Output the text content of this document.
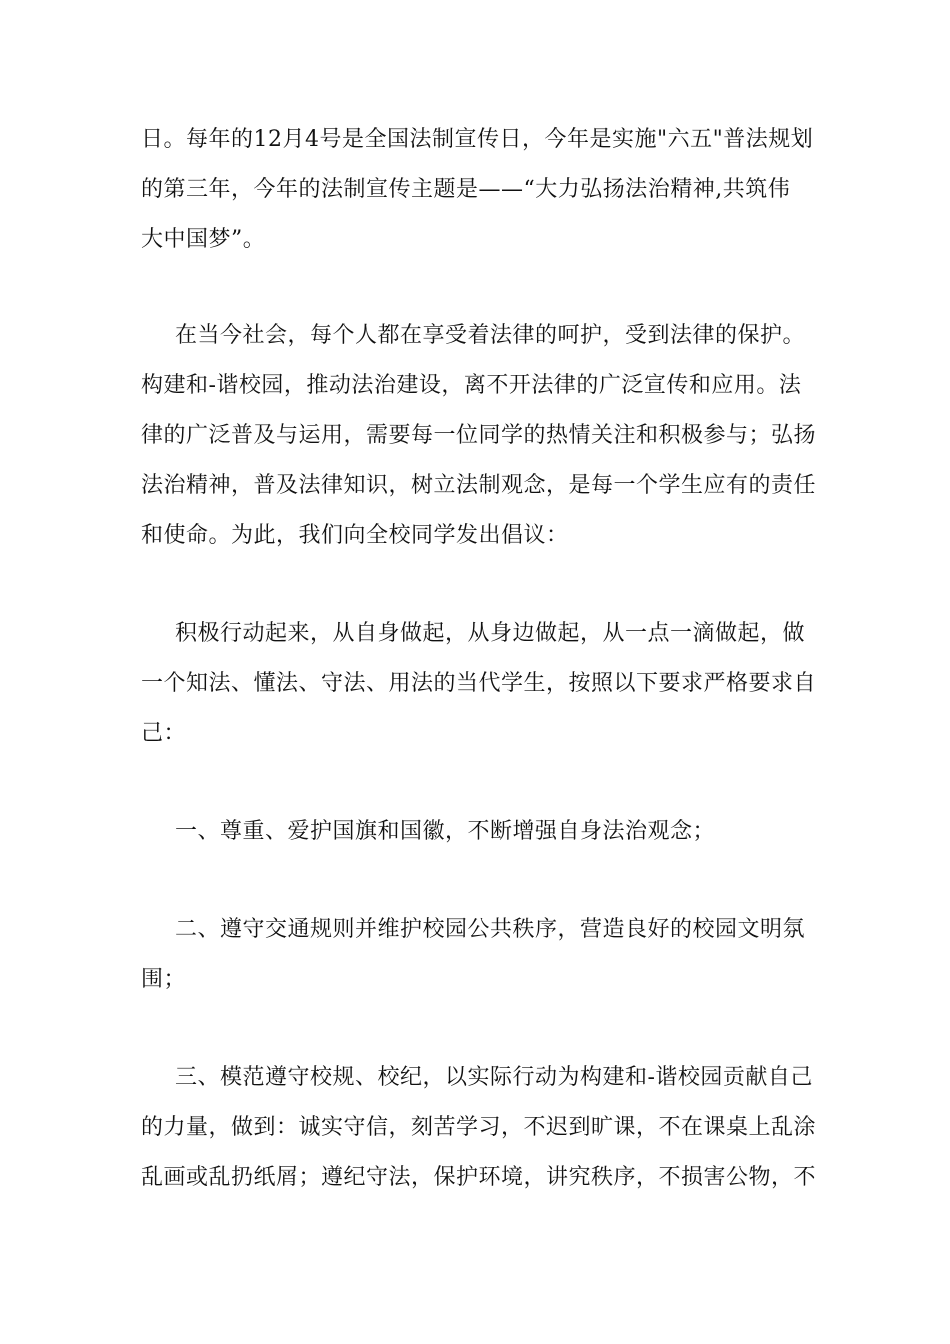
日。每年的12月4号是全国法制宣传日，今年是实施"六五"普法规划
的第三年，今年的法制宣传主题是——“大力弘扬法治精神,共筑伟
大中国梦”。
在当今社会，每个人都在享受着法律的呵护，受到法律的保护。
构建和-谐校园，推动法治建设，离不开法律的广泛宣传和应用。法
律的广泛普及与运用，需要每一位同学的热情关注和积极参与；弘扬
法治精神，普及法律知识，树立法制观念，是每一个学生应有的责任
和使命。为此，我们向全校同学发出倡议：
积极行动起来，从自身做起，从身边做起，从一点一滴做起，做
一个知法、懂法、守法、用法的当代学生，按照以下要求严格要求自
己：
一、尊重、爱护国旗和国徽，不断增强自身法治观念；
二、遵守交通规则并维护校园公共秩序，营造良好的校园文明氛
围；
三、模范遵守校规、校纪，以实际行动为构建和-谐校园贡献自己
的力量，做到：诚实守信，刻苦学习，不迟到旷课，不在课桌上乱涂
乱画或乱扔纸屑；遵纪守法，保护环境，讲究秩序，不损害公物，不
